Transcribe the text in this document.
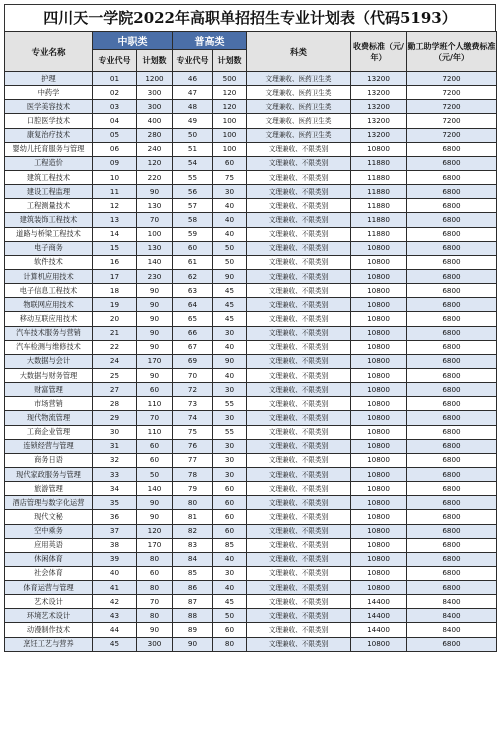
四川天一学院2022年高职单招招生专业计划表（代码5193）
专业名称	中职类		普高类		科类	收费标准（元/年）	勤工助学班个人缴费标准（元/年）
	专业代号	计划数	专业代号	计划数			
护理	01	1200	46	500	文理兼收、医药卫生类	13200	7200
中药学	02	300	47	120	文理兼收、医药卫生类	13200	7200
医学美容技术	03	300	48	120	文理兼收、医药卫生类	13200	7200
口腔医学技术	04	400	49	100	文理兼收、医药卫生类	13200	7200
康复治疗技术	05	280	50	100	文理兼收、医药卫生类	13200	7200
婴幼儿托育服务与管理	06	240	51	100	文理兼收、不限类别	10800	6800
工程造价	09	120	54	60	文理兼收、不限类别	11880	6800
建筑工程技术	10	220	55	75	文理兼收、不限类别	11880	6800
建设工程监理	11	90	56	30	文理兼收、不限类别	11880	6800
工程测量技术	12	130	57	40	文理兼收、不限类别	11880	6800
建筑装饰工程技术	13	70	58	40	文理兼收、不限类别	11880	6800
道路与桥梁工程技术	14	100	59	40	文理兼收、不限类别	11880	6800
电子商务	15	130	60	50	文理兼收、不限类别	10800	6800
软件技术	16	140	61	50	文理兼收、不限类别	10800	6800
计算机应用技术	17	230	62	90	文理兼收、不限类别	10800	6800
电子信息工程技术	18	90	63	45	文理兼收、不限类别	10800	6800
物联网应用技术	19	90	64	45	文理兼收、不限类别	10800	6800
移动互联应用技术	20	90	65	45	文理兼收、不限类别	10800	6800
汽车技术服务与营销	21	90	66	30	文理兼收、不限类别	10800	6800
汽车检测与维修技术	22	90	67	40	文理兼收、不限类别	10800	6800
大数据与会计	24	170	69	90	文理兼收、不限类别	10800	6800
大数据与财务管理	25	90	70	40	文理兼收、不限类别	10800	6800
财富管理	27	60	72	30	文理兼收、不限类别	10800	6800
市场营销	28	110	73	55	文理兼收、不限类别	10800	6800
现代物流管理	29	70	74	30	文理兼收、不限类别	10800	6800
工商企业管理	30	110	75	55	文理兼收、不限类别	10800	6800
连锁经营与管理	31	60	76	30	文理兼收、不限类别	10800	6800
商务日语	32	60	77	30	文理兼收、不限类别	10800	6800
现代家政服务与管理	33	50	78	30	文理兼收、不限类别	10800	6800
旅游管理	34	140	79	60	文理兼收、不限类别	10800	6800
酒店管理与数字化运营	35	90	80	60	文理兼收、不限类别	10800	6800
现代文秘	36	90	81	60	文理兼收、不限类别	10800	6800
空中乘务	37	120	82	60	文理兼收、不限类别	10800	6800
应用英语	38	170	83	85	文理兼收、不限类别	10800	6800
休闲体育	39	80	84	40	文理兼收、不限类别	10800	6800
社会体育	40	60	85	30	文理兼收、不限类别	10800	6800
体育运营与管理	41	80	86	40	文理兼收、不限类别	10800	6800
艺术设计	42	70	87	45	文理兼收、不限类别	14400	8400
环境艺术设计	43	80	88	50	文理兼收、不限类别	14400	8400
动漫制作技术	44	90	89	60	文理兼收、不限类别	14400	8400
烹饪工艺与营养	45	300	90	80	文理兼收、不限类别	10800	6800
